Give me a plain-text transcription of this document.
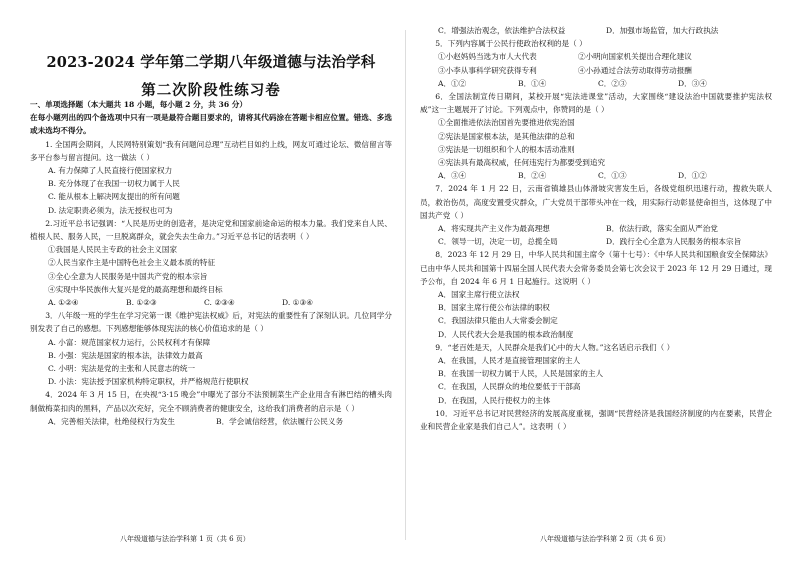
2023-2024 学年第二学期八年级道德与法治学科
第二次阶段性练习卷

一、单项选择题（本大题共 18 小题，每小题 2 分，共 36 分）

在每小题列出的四个备选项中只有一项是最符合题目要求的，请将其代码涂在答题卡相应位置。错选、多选或未选均不得分。

1. 全国两会期间，人民网特别策划“我有问题问总理”互动栏目如约上线，网友可通过论坛、微信留言等多平台参与留言提问。这一做法（ ）

A. 有力保障了人民直接行使国家权力

B. 充分体现了在我国一切权力属于人民

C. 能从根本上解决网友提出的所有问题

D. 法定职责必须为，法无授权也可为

2.习近平总书记强调：“人民是历史的创造者，是决定党和国家前途命运的根本力量。我们党来自人民、植根人民、服务人民，一旦脱离群众，就会失去生命力。”习近平总书记的话表明（ ）

①我国是人民民主专政的社会主义国家

②人民当家作主是中国特色社会主义最本质的特征

③全心全意为人民服务是中国共产党的根本宗旨

④实现中华民族伟大复兴是党的最高理想和最终目标

A. ①②④	B. ①②③	C. ②③④	D. ①③④

3．八年级一班的学生在学习完第一课《维护宪法权威》后，对宪法的重要性有了深刻认识。几位同学分别发表了自己的感想。下列感想能够体现宪法的核心价值追求的是（ ）

A. 小富：规范国家权力运行，公民权利才有保障

B. 小强：宪法是国家的根本法，法律效力最高

C. 小明：宪法是党的主张和人民意志的统一

D. 小法：宪法授予国家机构特定职权，并严格规范行使职权

4．2024 年 3 月 15 日，在央视“3·15 晚会”中曝光了部分不法预制菜生产企业用含有淋巴结的槽头肉制做梅菜扣肉的黑料，产品以次充好，完全不顾消费者的健康安全，这给我们消费者的启示是（ ）

A．完善相关法律，杜绝侵权行为发生	B．学会诚信经营，依法履行公民义务

八年级道德与法治学科第 1 页（共 6 页）

C．增强法治观念，依法维护合法权益	D．加强市场监管，加大行政执法

5．下列内容属于公民行使政治权利的是（ ）

①小赵妈妈当选为市人大代表	②小明向国家机关提出合理化建议

③小李从事科学研究获得专利	④小孙通过合法劳动取得劳动报酬

A．①②	B．①④	C．②③	D．③④

6．全国法制宣传日期间，某校开展“宪法进课堂”活动，大家围绕“建设法治中国就要推护宪法权威”这一主题展开了讨论。下列观点中，你赞同的是（ ）

①全面推进依法治国首先要推进依宪治国

②宪法是国家根本法，是其他法律的总和

③宪法是一切组织和个人的根本活动准则

④宪法具有最高权威，任何违宪行为都要受到追究

A．③④	B．②④	C．①③	D．①②

7．2024 年 1 月 22 日，云南省镇雄县山体滑坡灾害发生后，各级党组织迅速行动，搜救失联人员，救治伤员，高度安置受灾群众，广大党员干部带头冲在一线，用实际行动彰显使命担当，这体现了中国共产党（ ）

A．将实现共产主义作为最高理想	B．依法行政，落实全面从严治党

C．领导一切，决定一切，总揽全局	D．践行全心全意为人民服务的根本宗旨

8．2023 年 12 月 29 日，中华人民共和国主席令（第十七号）：《中华人民共和国粮食安全保障法》已由中华人民共和国第十四届全国人民代表大会常务委员会第七次会议于 2023 年 12 月 29 日通过，现予公布，自 2024 年 6 月 1 日起施行。这说明（ ）

A．国家主席行使立法权

B．国家主席行使公布法律的职权

C．我国法律只能由人大常委会制定

D．人民代表大会是我国的根本政治制度

9．“老百姓是天，人民群众是我们心中的大人物。”这名话启示我们（ ）

A．在我国，人民才是直接管理国家的主人

B．在我国一切权力属于人民，人民是国家的主人

C．在我国，人民群众的地位要低于干部高

D．在我国，人民行使权力的主体

10．习近平总书记对民营经济的发展高度重视，强调“民营经济是我国经济制度的内在要素，民营企业和民营企业家是我们自己人”。这表明（ ）

八年级道德与法治学科第 2 页（共 6 页）
